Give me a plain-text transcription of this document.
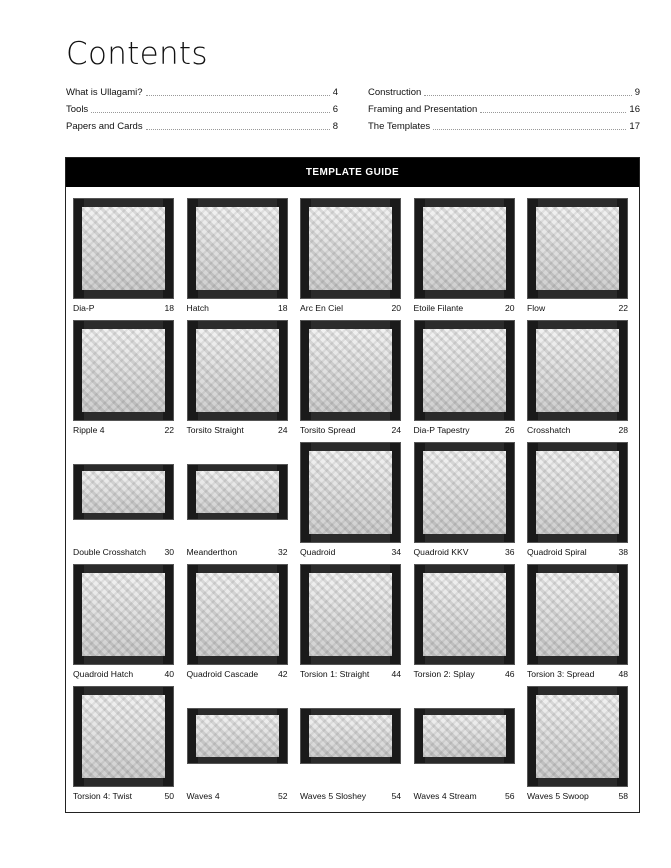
Contents
What is Ullagami?	4
Tools	6
Papers and Cards	8
Construction	9
Framing and Presentation	16
The Templates	17
TEMPLATE GUIDE
Dia-P	18 Hatch	18 Arc En Ciel	20 Etoile Filante	20 Flow	22
Ripple 4	22 Torsito Straight	24 Torsito Spread	24 Dia-P Tapestry	26 Crosshatch	28
Double Crosshatch 30 Meanderthon	32 Quadroid	34 Quadroid KKV	36 Quadroid Spiral	38
Quadroid Hatch	40 Quadroid Cascade 42 Torsion 1: Straight	44 Torsion 2: Splay	46 Torsion 3: Spread	48
Torsion 4: Twist	50 Waves 4	52 Waves 5 Sloshey	54 Waves 4 Stream	56 Waves 5 Swoop	58
